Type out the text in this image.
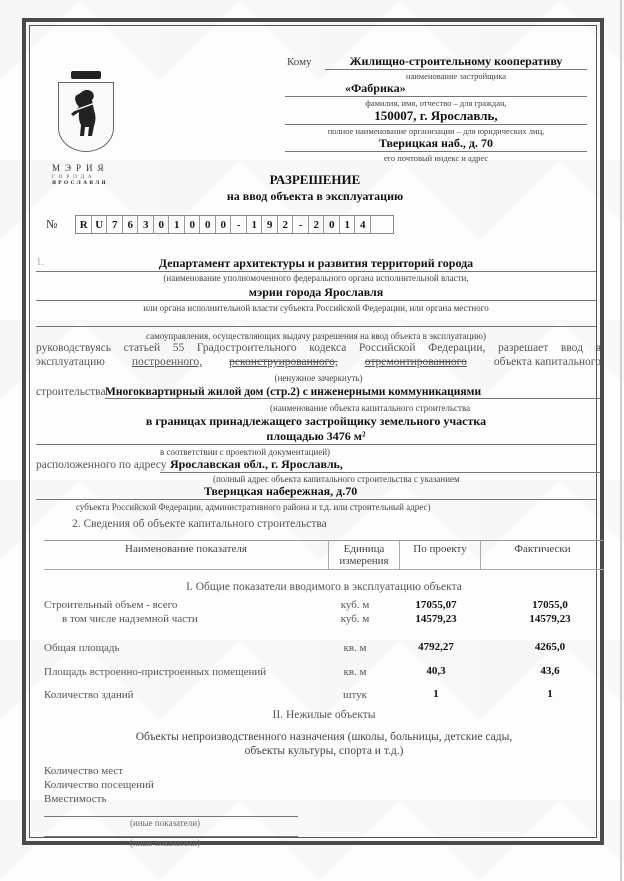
МЭРИЯ
ГОРОДА
ЯРОСЛАВЛЯ
Кому	Жилищно-строительному кооперативу
наименование застройщика
«Фабрика»
фамилия, имя, отчество – для граждан,
150007, г. Ярославль,
полное наименование организации – для юридических лиц,
Тверицкая наб., д. 70
его почтовый индекс и адрес
РАЗРЕШЕНИЕ
на ввод объекта в эксплуатацию
№ R U 7 6 3 0 1 0 0 0 - 1 9 2 - 2 0 1 4
1.	Департамент архитектуры и развития территорий города
(наименование уполномоченного федерального органа исполнительной власти,
мэрии города Ярославля
или органа исполнительной власти субъекта Российской Федерации, или органа местного
самоуправления, осуществляющих выдачу разрешения на ввод объекта в эксплуатацию)
руководствуясь статьей 55 Градостроительного кодекса Российской Федерации, разрешает ввод в
эксплуатацию построенного, реконструированного, отремонтированного объекта капитального
(ненужное зачеркнуть)
строительства Многоквартирный жилой дом (стр.2) с инженерными коммуникациями
(наименование объекта капитального строительства
в границах принадлежащего застройщику земельного участка
площадью 3476 м²
в соответствии с проектной документацией)
расположенного по адресу Ярославская обл., г. Ярославль,
(полный адрес объекта капитального строительства с указанием
Тверицкая набережная, д.70
субъекта Российской Федерации, административного района и т.д. или строительный адрес)
2. Сведения об объекте капитального строительства
Наименование показателя	Единица измерения	По проекту	Фактически
I. Общие показатели вводимого в эксплуатацию объекта
Строительный объем - всего	куб. м	17055,07	17055,0
в том числе надземной части	куб. м	14579,23	14579,23
Общая площадь	кв. м	4792,27	4265,0
Площадь встроенно-пристроенных помещений	кв. м	40,3	43,6
Количество зданий	штук	1	1
II. Нежилые объекты
Объекты непроизводственного назначения (школы, больницы, детские сады,
объекты культуры, спорта и т.д.)
Количество мест
Количество посещений
Вместимость
(иные показатели)
(иные показатели)
